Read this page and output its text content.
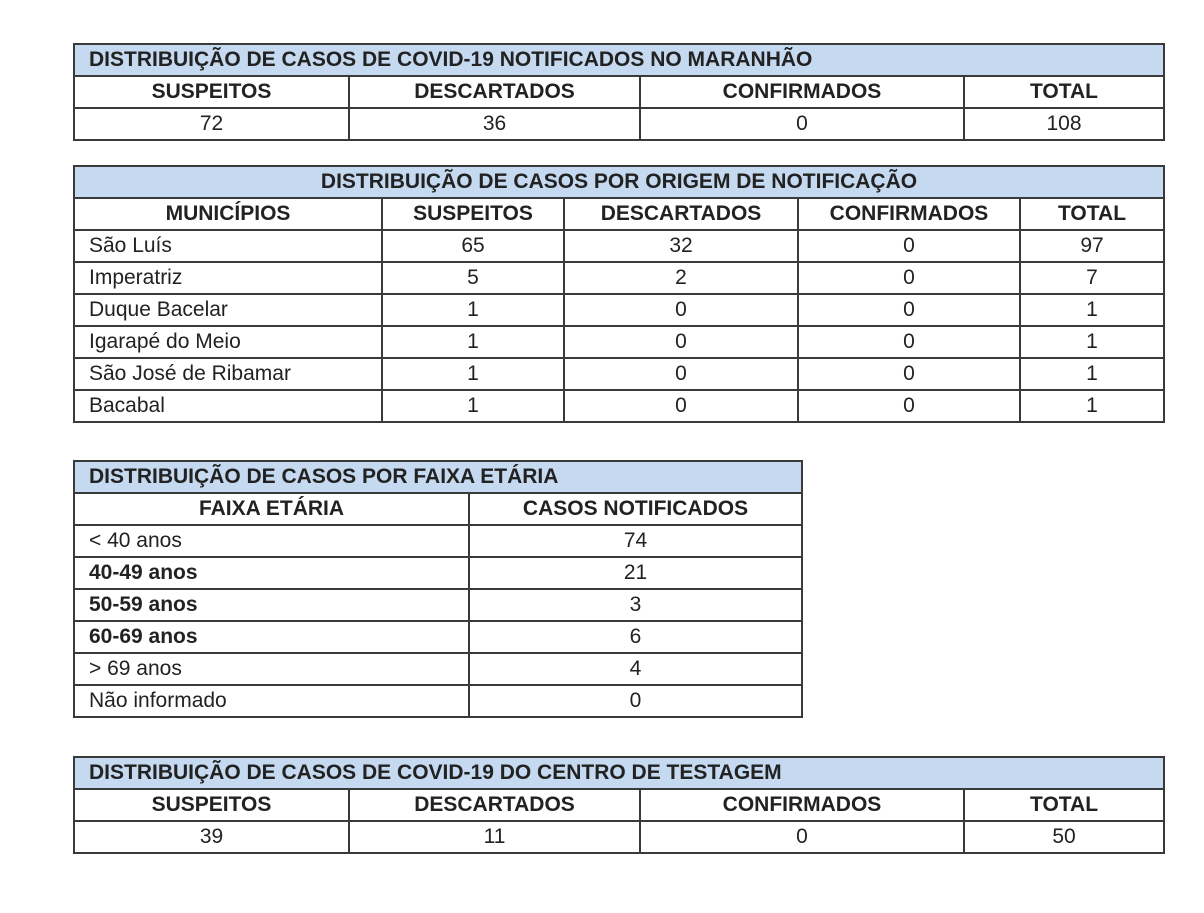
DISTRIBUIÇÃO DE CASOS DE COVID-19 NOTIFICADOS NO MARANHÃO			
SUSPEITOS	DESCARTADOS	CONFIRMADOS	TOTAL
72	36	0	108
DISTRIBUIÇÃO DE CASOS POR ORIGEM DE NOTIFICAÇÃO				
MUNICÍPIOS	SUSPEITOS	DESCARTADOS	CONFIRMADOS	TOTAL
São Luís	65	32	0	97
Imperatriz	5	2	0	7
Duque Bacelar	1	0	0	1
Igarapé do Meio	1	0	0	1
São José de Ribamar	1	0	0	1
Bacabal	1	0	0	1
DISTRIBUIÇÃO DE CASOS POR FAIXA ETÁRIA	
FAIXA ETÁRIA	CASOS NOTIFICADOS
< 40 anos	74
40-49 anos	21
50-59 anos	3
60-69 anos	6
> 69 anos	4
Não informado	0
DISTRIBUIÇÃO DE CASOS DE COVID-19 DO CENTRO DE TESTAGEM			
SUSPEITOS	DESCARTADOS	CONFIRMADOS	TOTAL
39	11	0	50
